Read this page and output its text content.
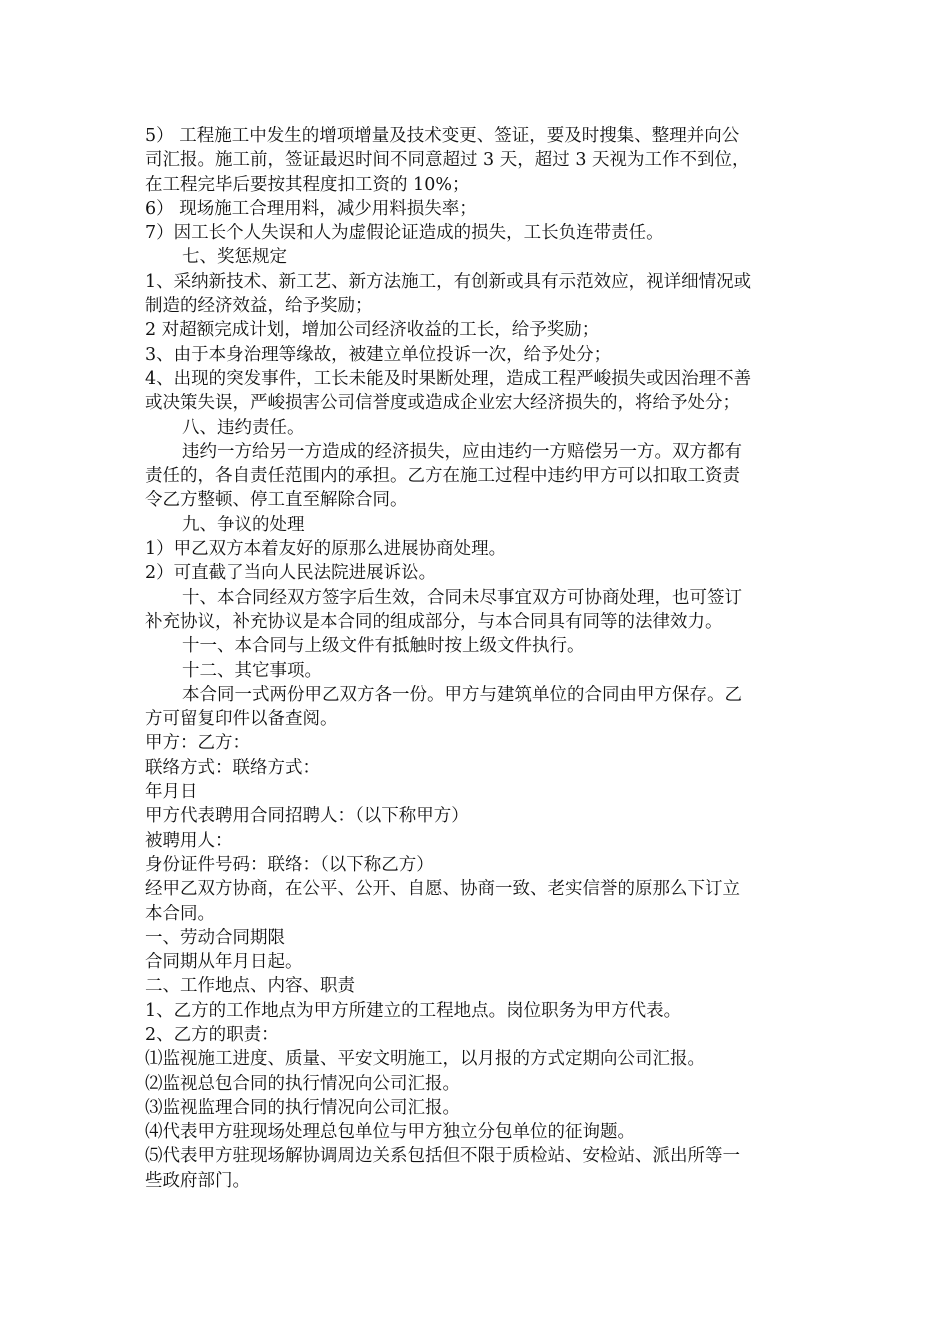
5） 工程施工中发生的增项增量及技术变更、签证，要及时搜集、整理并向公
司汇报。施工前，签证最迟时间不同意超过 3 天，超过 3 天视为工作不到位，
在工程完毕后要按其程度扣工资的 10%；
6） 现场施工合理用料，减少用料损失率；
7）因工长个人失误和人为虚假论证造成的损失，工长负连带责任。
七、奖惩规定
1、采纳新技术、新工艺、新方法施工，有创新或具有示范效应，视详细情况或
制造的经济效益，给予奖励；
2 对超额完成计划，增加公司经济收益的工长，给予奖励；
3、由于本身治理等缘故，被建立单位投诉一次，给予处分；
4、出现的突发事件，工长未能及时果断处理，造成工程严峻损失或因治理不善
或决策失误，严峻损害公司信誉度或造成企业宏大经济损失的，将给予处分；
八、违约责任。
违约一方给另一方造成的经济损失，应由违约一方赔偿另一方。双方都有
责任的，各自责任范围内的承担。乙方在施工过程中违约甲方可以扣取工资责
令乙方整顿、停工直至解除合同。
九、争议的处理
1）甲乙双方本着友好的原那么进展协商处理。
2）可直截了当向人民法院进展诉讼。
十、本合同经双方签字后生效，合同未尽事宜双方可协商处理，也可签订
补充协议，补充协议是本合同的组成部分，与本合同具有同等的法律效力。
十一、本合同与上级文件有抵触时按上级文件执行。
十二、其它事项。
本合同一式两份甲乙双方各一份。甲方与建筑单位的合同由甲方保存。乙
方可留复印件以备查阅。
甲方：乙方：
联络方式：联络方式：
年月日
甲方代表聘用合同招聘人：（以下称甲方）
被聘用人：
身份证件号码：联络：（以下称乙方）
经甲乙双方协商，在公平、公开、自愿、协商一致、老实信誉的原那么下订立
本合同。
一、劳动合同期限
合同期从年月日起。
二、工作地点、内容、职责
1、乙方的工作地点为甲方所建立的工程地点。岗位职务为甲方代表。
2、乙方的职责：
⑴监视施工进度、质量、平安文明施工，以月报的方式定期向公司汇报。
⑵监视总包合同的执行情况向公司汇报。
⑶监视监理合同的执行情况向公司汇报。
⑷代表甲方驻现场处理总包单位与甲方独立分包单位的征询题。
⑸代表甲方驻现场解协调周边关系包括但不限于质检站、安检站、派出所等一
些政府部门。
